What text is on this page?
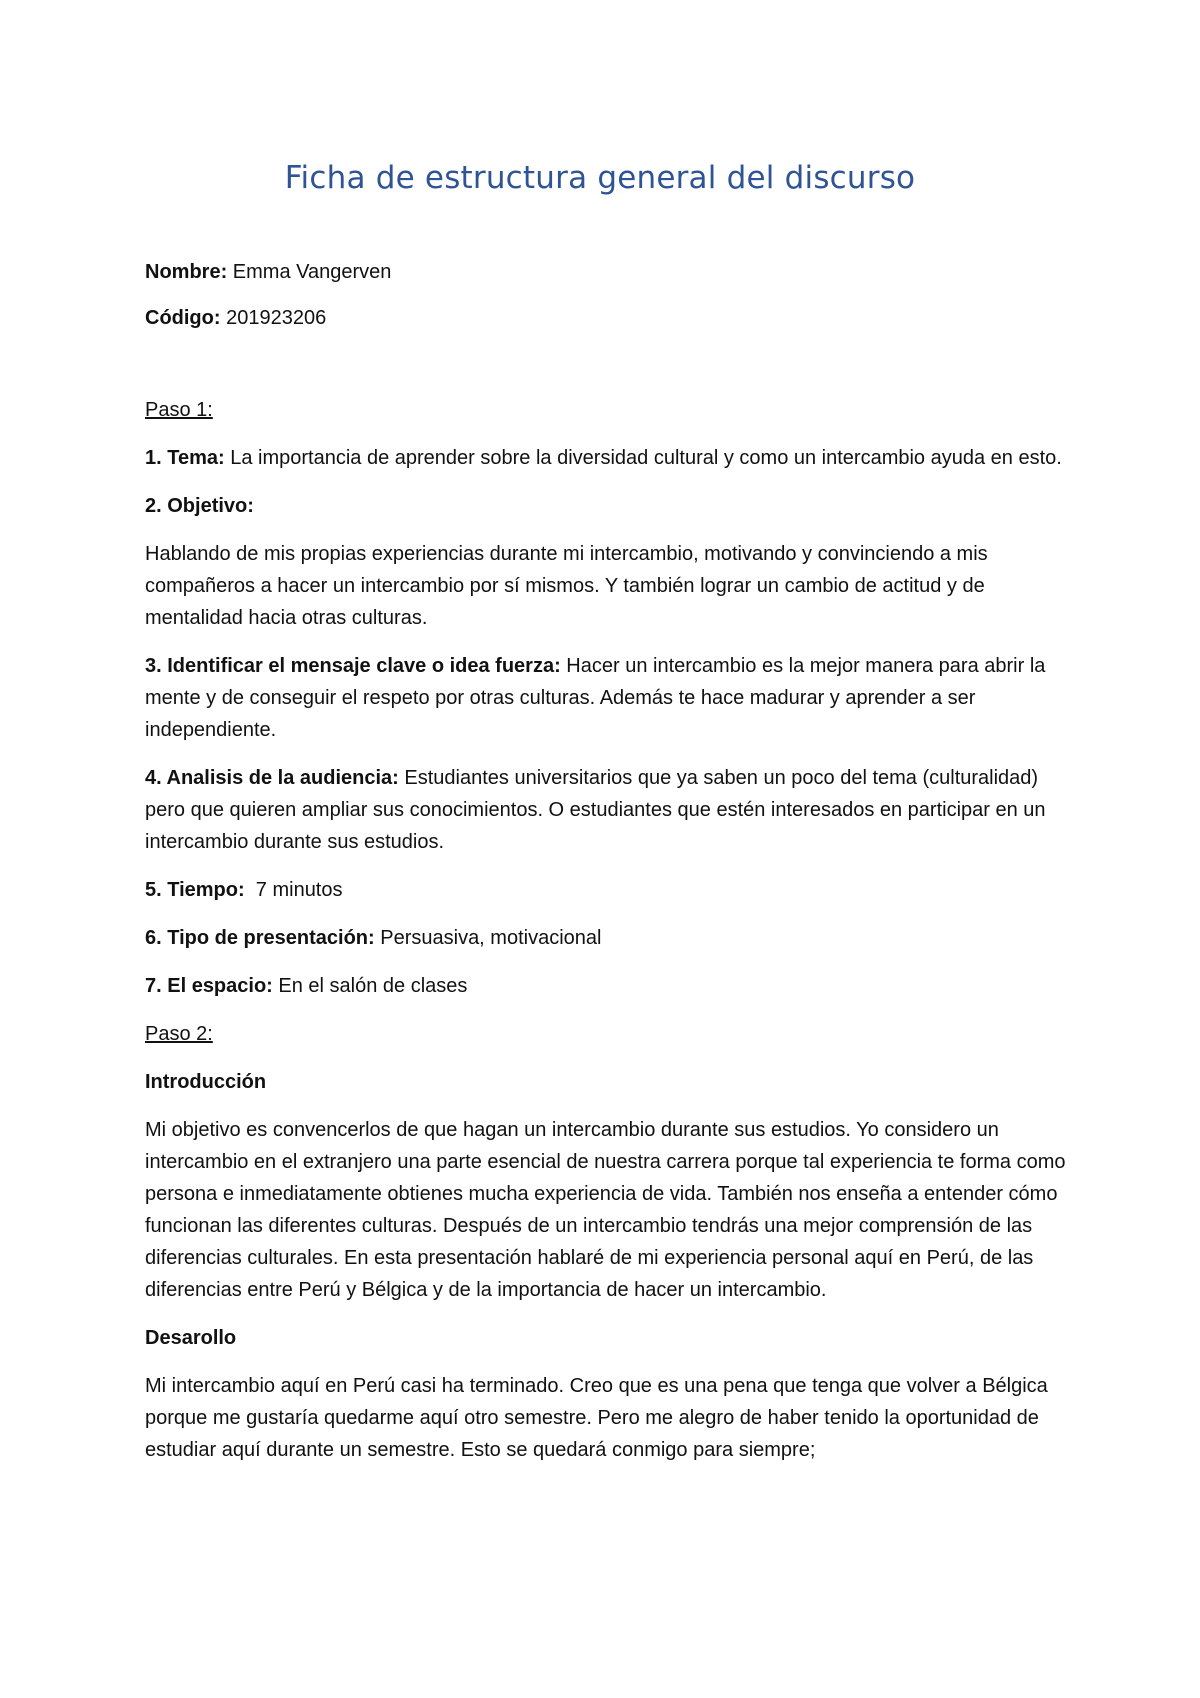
Ficha de estructura general del discurso

Nombre: Emma Vangerven

Código: 201923206

Paso 1:

1. Tema: La importancia de aprender sobre la diversidad cultural y como un intercambio ayuda en esto.

2. Objetivo:

Hablando de mis propias experiencias durante mi intercambio, motivando y convinciendo a mis compañeros a hacer un intercambio por sí mismos. Y también lograr un cambio de actitud y de mentalidad hacia otras culturas.

3. Identificar el mensaje clave o idea fuerza: Hacer un intercambio es la mejor manera para abrir la mente y de conseguir el respeto por otras culturas. Además te hace madurar y aprender a ser independiente.

4. Analisis de la audiencia: Estudiantes universitarios que ya saben un poco del tema (culturalidad) pero que quieren ampliar sus conocimientos. O estudiantes que estén interesados en participar en un intercambio durante sus estudios.

5. Tiempo: 7 minutos

6. Tipo de presentación: Persuasiva, motivacional

7. El espacio: En el salón de clases

Paso 2:

Introducción

Mi objetivo es convencerlos de que hagan un intercambio durante sus estudios. Yo considero un intercambio en el extranjero una parte esencial de nuestra carrera porque tal experiencia te forma como persona e inmediatamente obtienes mucha experiencia de vida. También nos enseña a entender cómo funcionan las diferentes culturas. Después de un intercambio tendrás una mejor comprensión de las diferencias culturales. En esta presentación hablaré de mi experiencia personal aquí en Perú, de las diferencias entre Perú y Bélgica y de la importancia de hacer un intercambio.

Desarollo

Mi intercambio aquí en Perú casi ha terminado. Creo que es una pena que tenga que volver a Bélgica porque me gustaría quedarme aquí otro semestre. Pero me alegro de haber tenido la oportunidad de estudiar aquí durante un semestre. Esto se quedará conmigo para siempre;
